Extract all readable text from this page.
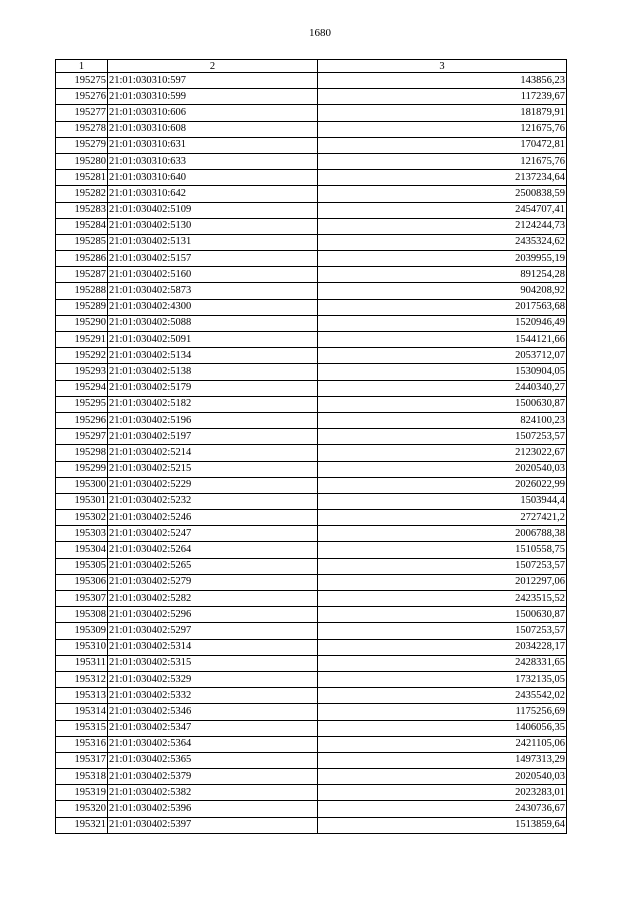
1680
1	2	3
195275	21:01:030310:597	143856,23
195276	21:01:030310:599	117239,67
195277	21:01:030310:606	181879,91
195278	21:01:030310:608	121675,76
195279	21:01:030310:631	170472,81
195280	21:01:030310:633	121675,76
195281	21:01:030310:640	2137234,64
195282	21:01:030310:642	2500838,59
195283	21:01:030402:5109	2454707,41
195284	21:01:030402:5130	2124244,73
195285	21:01:030402:5131	2435324,62
195286	21:01:030402:5157	2039955,19
195287	21:01:030402:5160	891254,28
195288	21:01:030402:5873	904208,92
195289	21:01:030402:4300	2017563,68
195290	21:01:030402:5088	1520946,49
195291	21:01:030402:5091	1544121,66
195292	21:01:030402:5134	2053712,07
195293	21:01:030402:5138	1530904,05
195294	21:01:030402:5179	2440340,27
195295	21:01:030402:5182	1500630,87
195296	21:01:030402:5196	824100,23
195297	21:01:030402:5197	1507253,57
195298	21:01:030402:5214	2123022,67
195299	21:01:030402:5215	2020540,03
195300	21:01:030402:5229	2026022,99
195301	21:01:030402:5232	1503944,4
195302	21:01:030402:5246	2727421,2
195303	21:01:030402:5247	2006788,38
195304	21:01:030402:5264	1510558,75
195305	21:01:030402:5265	1507253,57
195306	21:01:030402:5279	2012297,06
195307	21:01:030402:5282	2423515,52
195308	21:01:030402:5296	1500630,87
195309	21:01:030402:5297	1507253,57
195310	21:01:030402:5314	2034228,17
195311	21:01:030402:5315	2428331,65
195312	21:01:030402:5329	1732135,05
195313	21:01:030402:5332	2435542,02
195314	21:01:030402:5346	1175256,69
195315	21:01:030402:5347	1406056,35
195316	21:01:030402:5364	2421105,06
195317	21:01:030402:5365	1497313,29
195318	21:01:030402:5379	2020540,03
195319	21:01:030402:5382	2023283,01
195320	21:01:030402:5396	2430736,67
195321	21:01:030402:5397	1513859,64
